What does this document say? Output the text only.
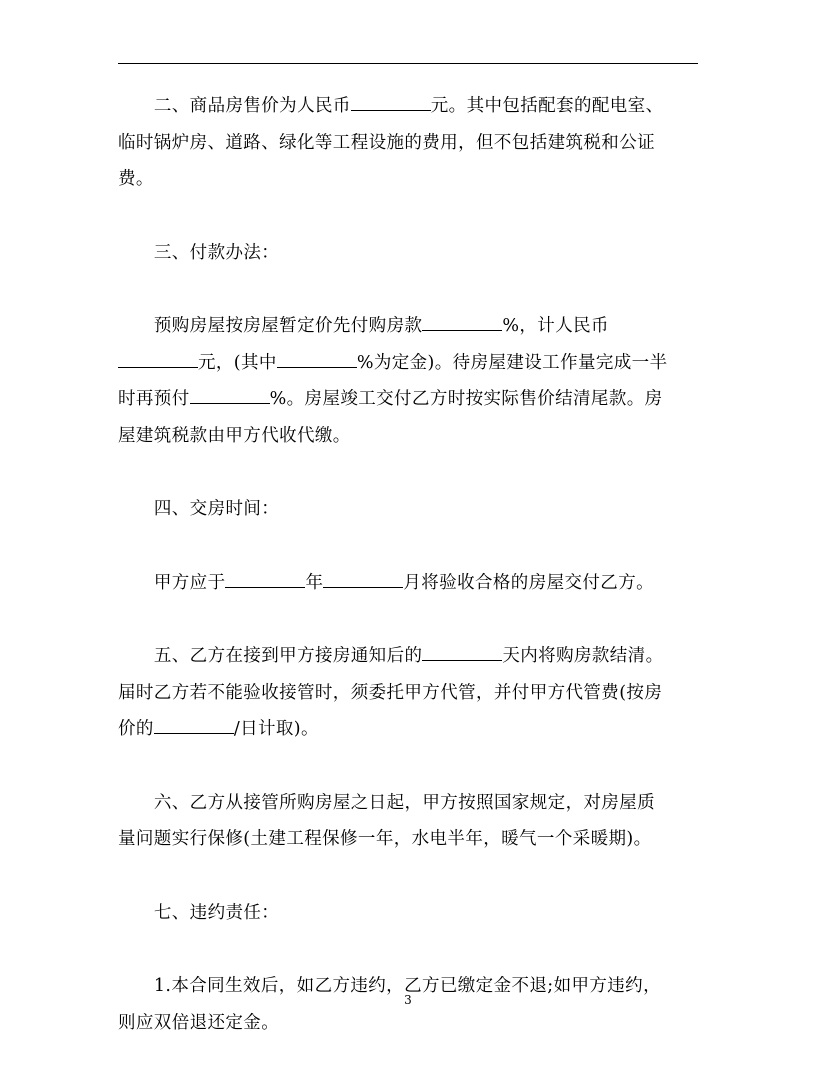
二、商品房售价为人民币	元。其中包括配套的配电室、
临时锅炉房、道路、绿化等工程设施的费用，但不包括建筑税和公证
费。

三、付款办法：

预购房屋按房屋暂定价先付购房款	%，计人民币
元，(其中	%为定金)。待房屋建设工作量完成一半
时再预付	%。房屋竣工交付乙方时按实际售价结清尾款。房
屋建筑税款由甲方代收代缴。

四、交房时间：

甲方应于	年	月将验收合格的房屋交付乙方。

五、乙方在接到甲方接房通知后的	天内将购房款结清。
届时乙方若不能验收接管时，须委托甲方代管，并付甲方代管费(按房
价的	/日计取)。

六、乙方从接管所购房屋之日起，甲方按照国家规定，对房屋质
量问题实行保修(土建工程保修一年，水电半年，暖气一个采暖期)。

七、违约责任：

1.本合同生效后，如乙方违约，乙方已缴定金不退;如甲方违约，
则应双倍退还定金。

3
